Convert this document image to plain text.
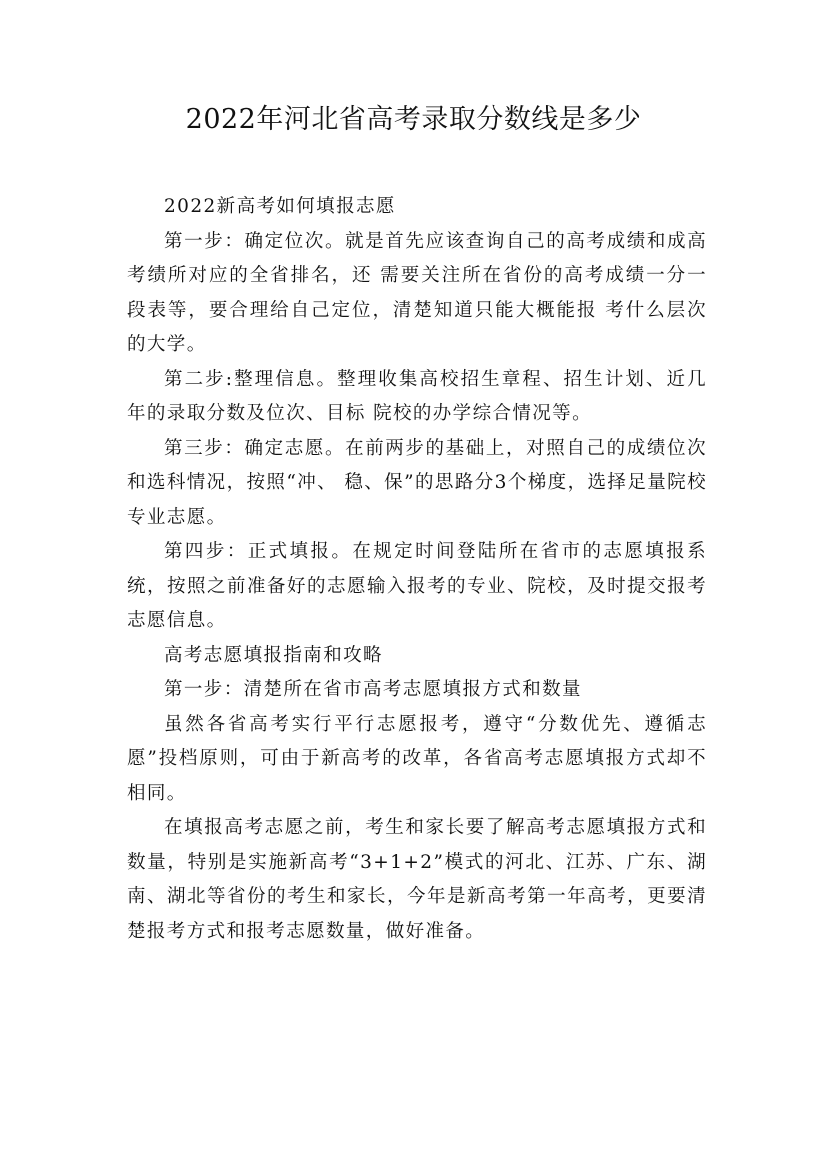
2022年河北省高考录取分数线是多少

2022新高考如何填报志愿

第一步：确定位次。就是首先应该查询自己的高考成绩和成高考绩所对应的全省排名，还 需要关注所在省份的高考成绩一分一段表等，要合理给自己定位，清楚知道只能大概能报 考什么层次的大学。

第二步:整理信息。整理收集高校招生章程、招生计划、近几年的录取分数及位次、目标 院校的办学综合情况等。

第三步：确定志愿。在前两步的基础上，对照自己的成绩位次和选科情况，按照“冲、 稳、保”的思路分3个梯度，选择足量院校专业志愿。

第四步：正式填报。在规定时间登陆所在省市的志愿填报系统，按照之前准备好的志愿输入报考的专业、院校，及时提交报考志愿信息。

高考志愿填报指南和攻略

第一步：清楚所在省市高考志愿填报方式和数量

虽然各省高考实行平行志愿报考，遵守“分数优先、遵循志愿”投档原则，可由于新高考的改革，各省高考志愿填报方式却不相同。

在填报高考志愿之前，考生和家长要了解高考志愿填报方式和数量，特别是实施新高考“3+1+2”模式的河北、江苏、广东、湖南、湖北等省份的考生和家长，今年是新高考第一年高考，更要清楚报考方式和报考志愿数量，做好准备。
